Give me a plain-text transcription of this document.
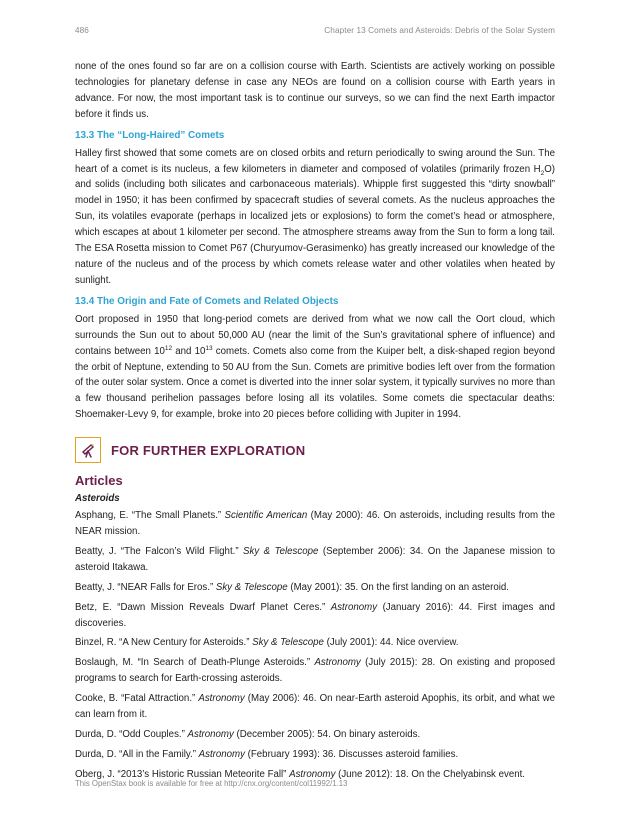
486	Chapter 13 Comets and Asteroids: Debris of the Solar System

none of the ones found so far are on a collision course with Earth. Scientists are actively working on possible technologies for planetary defense in case any NEOs are found on a collision course with Earth years in advance. For now, the most important task is to continue our surveys, so we can find the next Earth impactor before it finds us.

13.3 The “Long-Haired” Comets

Halley first showed that some comets are on closed orbits and return periodically to swing around the Sun. The heart of a comet is its nucleus, a few kilometers in diameter and composed of volatiles (primarily frozen $H_2O$) and solids (including both silicates and carbonaceous materials). Whipple first suggested this “dirty snowball” model in 1950; it has been confirmed by spacecraft studies of several comets. As the nucleus approaches the Sun, its volatiles evaporate (perhaps in localized jets or explosions) to form the comet’s head or atmosphere, which escapes at about 1 kilometer per second. The atmosphere streams away from the Sun to form a long tail. The ESA Rosetta mission to Comet P67 (Churyumov-Gerasimenko) has greatly increased our knowledge of the nature of the nucleus and of the process by which comets release water and other volatiles when heated by sunlight.

13.4 The Origin and Fate of Comets and Related Objects

Oort proposed in 1950 that long-period comets are derived from what we now call the Oort cloud, which surrounds the Sun out to about 50,000 AU (near the limit of the Sun’s gravitational sphere of influence) and contains between $10^{12}$ and $10^{13}$ comets. Comets also come from the Kuiper belt, a disk-shaped region beyond the orbit of Neptune, extending to 50 AU from the Sun. Comets are primitive bodies left over from the formation of the outer solar system. Once a comet is diverted into the inner solar system, it typically survives no more than a few thousand perihelion passages before losing all its volatiles. Some comets die spectacular deaths: Shoemaker-Levy 9, for example, broke into 20 pieces before colliding with Jupiter in 1994.

FOR FURTHER EXPLORATION
Articles
Asteroids

Asphang, E. “The Small Planets.” Scientific American (May 2000): 46. On asteroids, including results from the NEAR mission.

Beatty, J. “The Falcon’s Wild Flight.” Sky & Telescope (September 2006): 34. On the Japanese mission to asteroid Itakawa.

Beatty, J. “NEAR Falls for Eros.” Sky & Telescope (May 2001): 35. On the first landing on an asteroid.

Betz, E. “Dawn Mission Reveals Dwarf Planet Ceres.” Astronomy (January 2016): 44. First images and discoveries.

Binzel, R. “A New Century for Asteroids.” Sky & Telescope (July 2001): 44. Nice overview.

Boslaugh, M. “In Search of Death-Plunge Asteroids.” Astronomy (July 2015): 28. On existing and proposed programs to search for Earth-crossing asteroids.

Cooke, B. “Fatal Attraction.” Astronomy (May 2006): 46. On near-Earth asteroid Apophis, its orbit, and what we can learn from it.

Durda, D. “Odd Couples.” Astronomy (December 2005): 54. On binary asteroids.

Durda, D. “All in the Family.” Astronomy (February 1993): 36. Discusses asteroid families.

Oberg, J. “2013’s Historic Russian Meteorite Fall” Astronomy (June 2012): 18. On the Chelyabinsk event.

This OpenStax book is available for free at http://cnx.org/content/col11992/1.13
